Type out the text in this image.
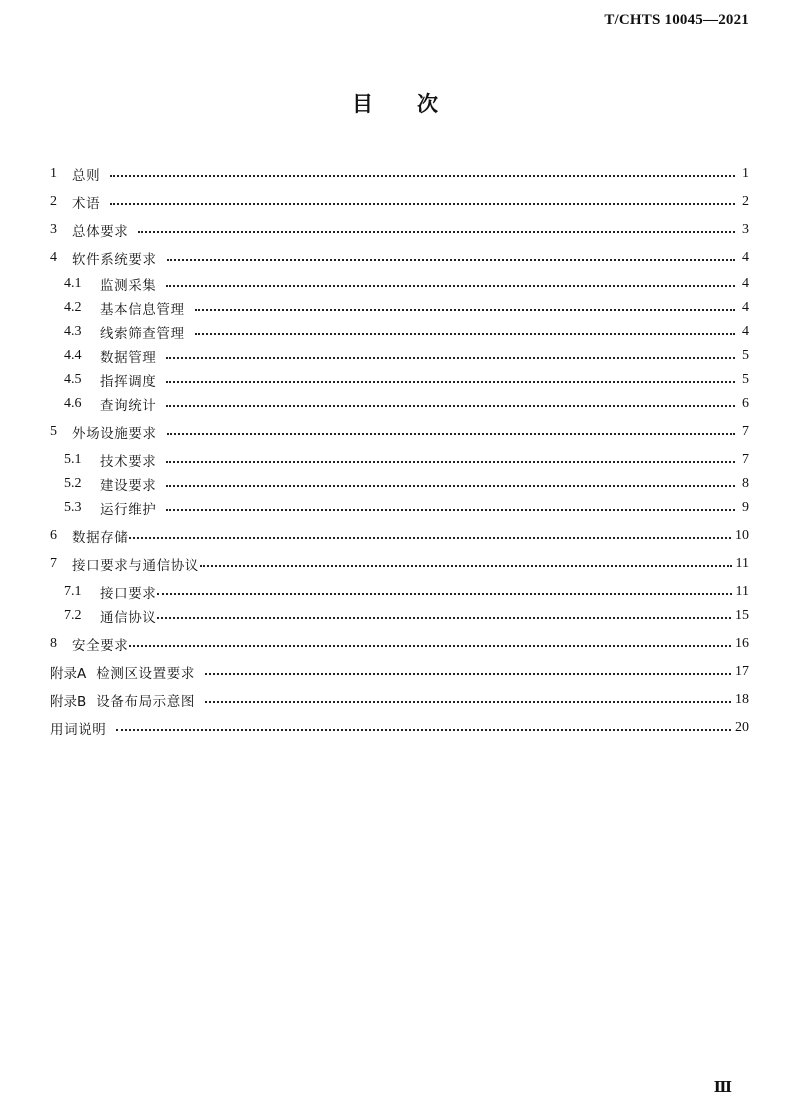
T/CHTS 10045—2021
目次
1	总则	1
2	术语	2
3	总体要求	3
4	软件系统要求	4
4.1	监测采集	4
4.2	基本信息管理	4
4.3	线索筛查管理	4
4.4	数据管理	5
4.5	指挥调度	5
4.6	查询统计	6
5	外场设施要求	7
5.1	技术要求	7
5.2	建设要求	8
5.3	运行维护	9
6	数据存储	10
7	接口要求与通信协议	11
7.1	接口要求	11
7.2	通信协议	15
8	安全要求	16
附录A 检测区设置要求	17
附录B 设备布局示意图	18
用词说明	20
Ⅲ
